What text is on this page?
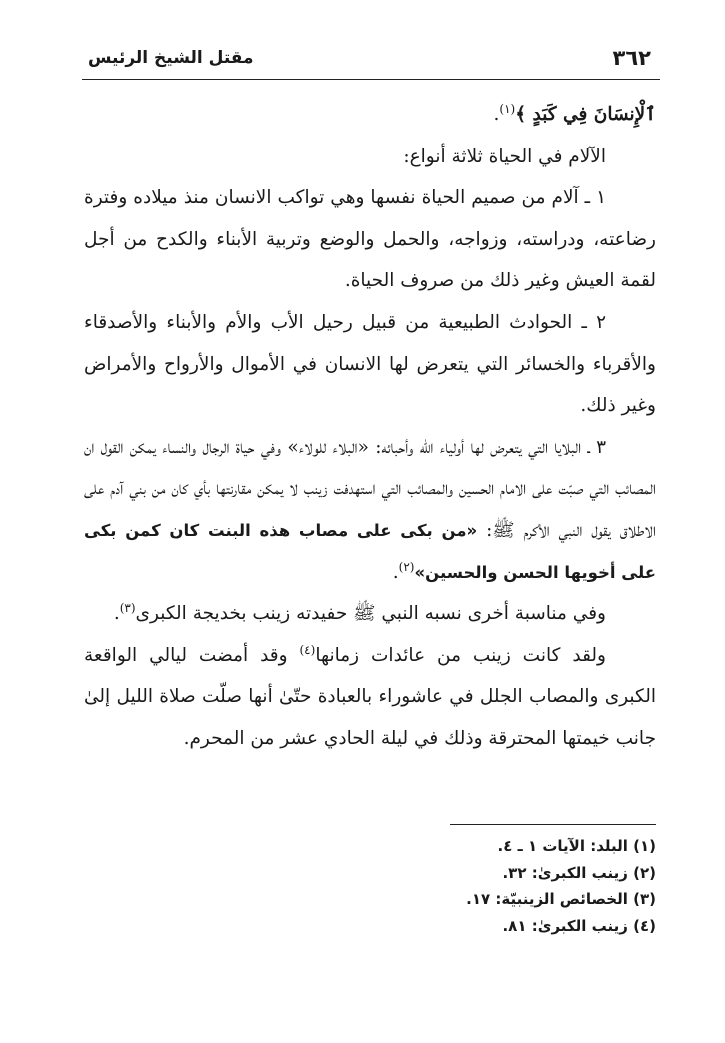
٣٦٢
مقتل الشيخ الرئيس

ٱلْإِنسَانَ فِي كَبَدٍ ﴾$^{(١)}$.

الآلام في الحياة ثلاثة أنواع:

١ ـ آلام من صميم الحياة نفسها وهي تواكب الانسان منذ ميلاده وفترة رضاعته، ودراسته، وزواجه، والحمل والوضع وتربية الأبناء والكدح من أجل لقمة العيش وغير ذلك من صروف الحياة.

٢ ـ الحوادث الطبيعية من قبيل رحيل الأب والأم والأبناء والأصدقاء والأقرباء والخسائر التي يتعرض لها الانسان في الأموال والأرواح والأمراض وغير ذلك.

٣ ـ البلايا التي يتعرض لها أولياء الله وأحبائه: «البلاء للولاء» وفي حياة الرجال والنساء يمكن القول ان المصائب التي صبّت على الامام الحسين والمصائب التي استهدفت زينب لا يمكن مقارنتها بأي كان من بني آدم على الاطلاق يقول النبي الأكرم ﷺ: «من بكى على مصاب هذه البنت كان كمن بكى على أخويها الحسن والحسين»$^{(٢)}$.

وفي مناسبة أخرى نسبه النبي ﷺ حفيدته زينب بخديجة الكبرى$^{(٣)}$.

ولقد كانت زينب من عائدات زمانها$^{(٤)}$ وقد أمضت ليالي الواقعة الكبرى والمصاب الجلل في عاشوراء بالعبادة حتّىٰ أنها صلّت صلاة الليل إلىٰ جانب خيمتها المحترقة وذلك في ليلة الحادي عشر من المحرم.

(١) البلد: الآيات ١ ـ ٤.

(٢) زينب الكبرىٰ: ٣٢.

(٣) الخصائص الزينبيّة: ١٧.

(٤) زينب الكبرىٰ: ٨١.
